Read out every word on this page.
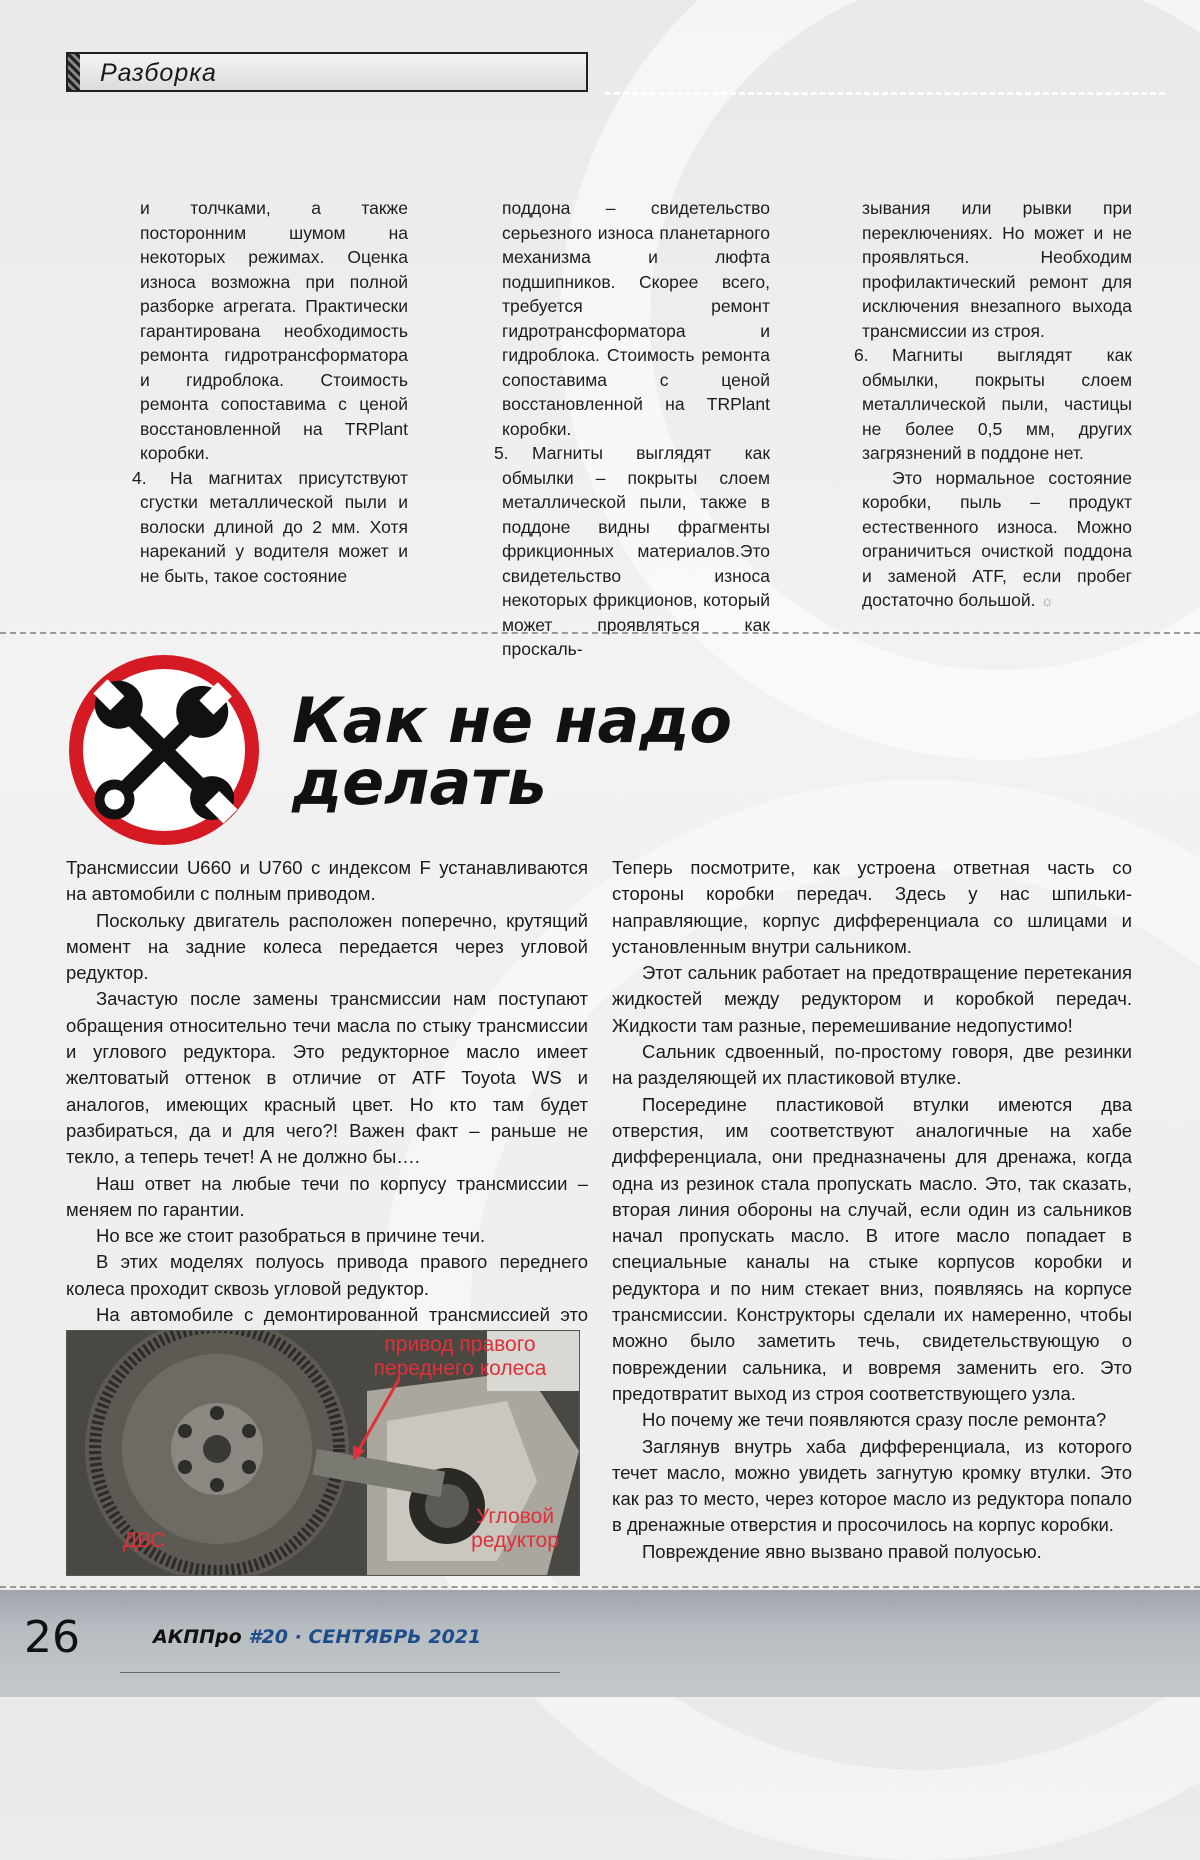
Разборка

и толчками, а также посторонним шумом на некоторых режимах. Оценка износа возможна при полной разборке агрегата. Практически гарантирована необходимость ремонта гидротрансформатора и гидроблока. Стоимость ремонта сопоставима с ценой восстановленной на TRPlant коробки.

4. На магнитах присутствуют сгустки металлической пыли и волоски длиной до 2 мм. Хотя нареканий у водителя может и не быть, такое состояние

поддона – свидетельство серьезного износа планетарного механизма и люфта подшипников. Скорее всего, требуется ремонт гидротрансформатора и гидроблока. Стоимость ремонта сопоставима с ценой восстановленной на TRPlant коробки.

5. Магниты выглядят как обмылки – покрыты слоем металлической пыли, также в поддоне видны фрагменты фрикционных материалов.Это свидетельство износа некоторых фрикционов, который может проявляться как проскаль-

зывания или рывки при переключениях. Но может и не проявляться. Необходим профилактический ремонт для исключения внезапного выхода трансмиссии из строя.

6. Магниты выглядят как обмылки, покрыты слоем металлической пыли, частицы не более 0,5 мм, других загрязнений в поддоне нет.

Это нормальное состояние коробки, пыль – продукт естественного износа. Можно ограничиться очисткой поддона и заменой ATF, если пробег достаточно большой. ☼

Как не надо
делать

Трансмиссии U660 и U760 с индексом F устанавливаются на автомобили с полным приводом.

Поскольку двигатель расположен поперечно, крутящий момент на задние колеса передается через угловой редуктор.

Зачастую после замены трансмиссии нам поступают обращения относительно течи масла по стыку трансмиссии и углового редуктора. Это редукторное масло имеет желтоватый оттенок в отличие от ATF Toyota WS и аналогов, имеющих красный цвет. Но кто там будет разбираться, да и для чего?! Важен факт – раньше не текло, а теперь течет! А не должно бы….

Наш ответ на любые течи по корпусу трансмиссии – меняем по гарантии.

Но все же стоит разобраться в причине течи.

В этих моделях полуось привода правого переднего колеса проходит сквозь угловой редуктор.

На автомобиле с демонтированной трансмиссией это

привод правого
переднего колеса
Угловой
редуктор
ДВС

Теперь посмотрите, как устроена ответная часть со стороны коробки передач. Здесь у нас шпильки-направляющие, корпус дифференциала со шлицами и установленным внутри сальником.

Этот сальник работает на предотвращение перетекания жидкостей между редуктором и коробкой передач. Жидкости там разные, перемешивание недопустимо!

Сальник сдвоенный, по-простому говоря, две резинки на разделяющей их пластиковой втулке.

Посередине пластиковой втулки имеются два отверстия, им соответствуют аналогичные на хабе дифференциала, они предназначены для дренажа, когда одна из резинок стала пропускать масло. Это, так сказать, вторая линия обороны на случай, если один из сальников начал пропускать масло. В итоге масло попадает в специальные каналы на стыке корпусов коробки и редуктора и по ним стекает вниз, появляясь на корпусе трансмиссии. Конструкторы сделали их намеренно, чтобы можно было заметить течь, свидетельствующую о повреждении сальника, и вовремя заменить его. Это предотвратит выход из строя соответствующего узла.

Но почему же течи появляются сразу после ремонта?

Заглянув внутрь хаба дифференциала, из которого течет масло, можно увидеть загнутую кромку втулки. Это как раз то место, через которое масло из редуктора попало в дренажные отверстия и просочилось на корпус коробки.

Повреждение явно вызвано правой полуосью.

26	АКППро #20 · СЕНТЯБРЬ 2021
